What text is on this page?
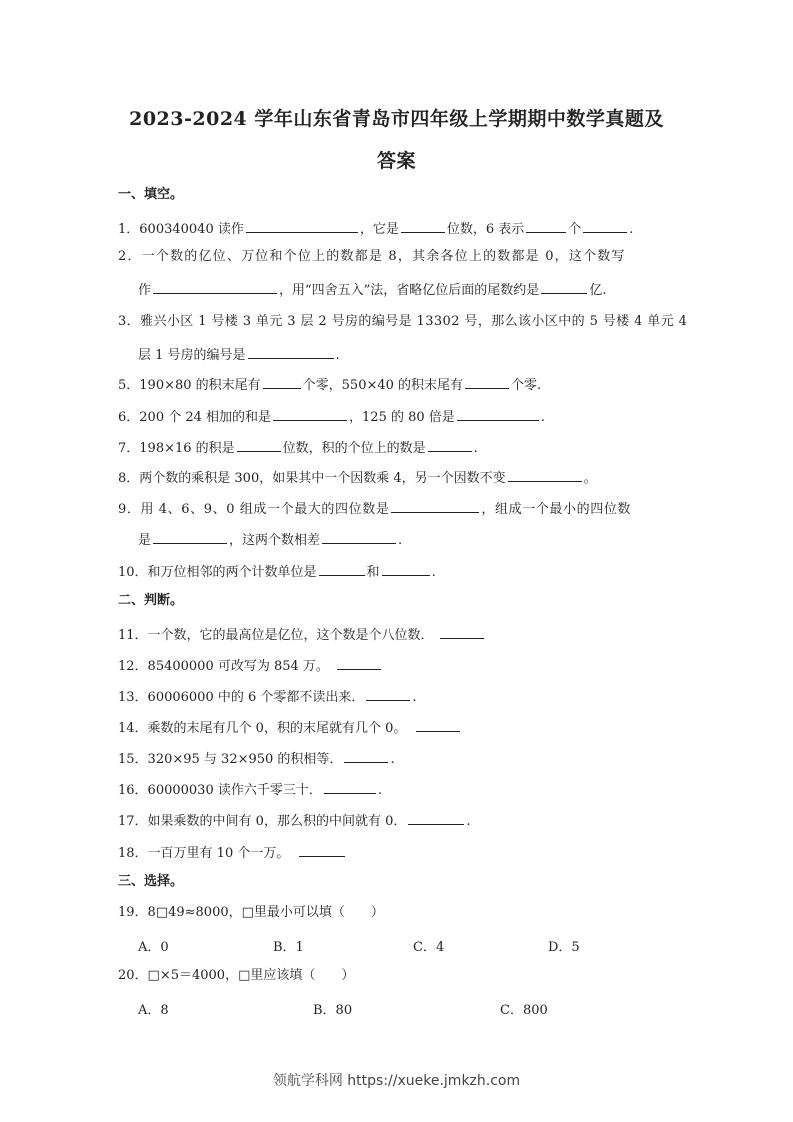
2023-2024 学年山东省青岛市四年级上学期期中数学真题及
答案
一、填空。
1．600340040 读作	，它是	位数，6 表示	个	.
2．一个数的亿位、万位和个位上的数都是 8，其余各位上的数都是 0，这个数写
作	，用“四舍五入”法，省略亿位后面的尾数约是	亿.
3．雅兴小区 1 号楼 3 单元 3 层 2 号房的编号是 13302 号，那么该小区中的 5 号楼 4 单元 4
层 1 号房的编号是	.
5．190×80 的积末尾有	个零，550×40 的积末尾有	个零.
6．200 个 24 相加的和是	，125 的 80 倍是	.
7．198×16 的积是	位数，积的个位上的数是	.
8．两个数的乘积是 300，如果其中一个因数乘 4，另一个因数不变	。
9．用 4、6、9、0 组成一个最大的四位数是	，组成一个最小的四位数
是	，这两个数相差	.
10．和万位相邻的两个计数单位是	和	.
二、判断。
11．一个数，它的最高位是亿位，这个数是个八位数．
12．85400000 可改写为 854 万。
13．60006000 中的 6 个零都不读出来．	.
14．乘数的末尾有几个 0，积的末尾就有几个 0。
15．320×95 与 32×950 的积相等．	.
16．60000030 读作六千零三十．	.
17．如果乘数的中间有 0，那么积的中间就有 0．	.
18．一百万里有 10 个一万。
三、选择。
19．8□49≈8000，□里最小可以填（　　）
A．0	B．1	C．4	D．5
20．□×5＝4000，□里应该填（　　）
A．8	B．80	C．800
领航学科网 https://xueke.jmkzh.com
